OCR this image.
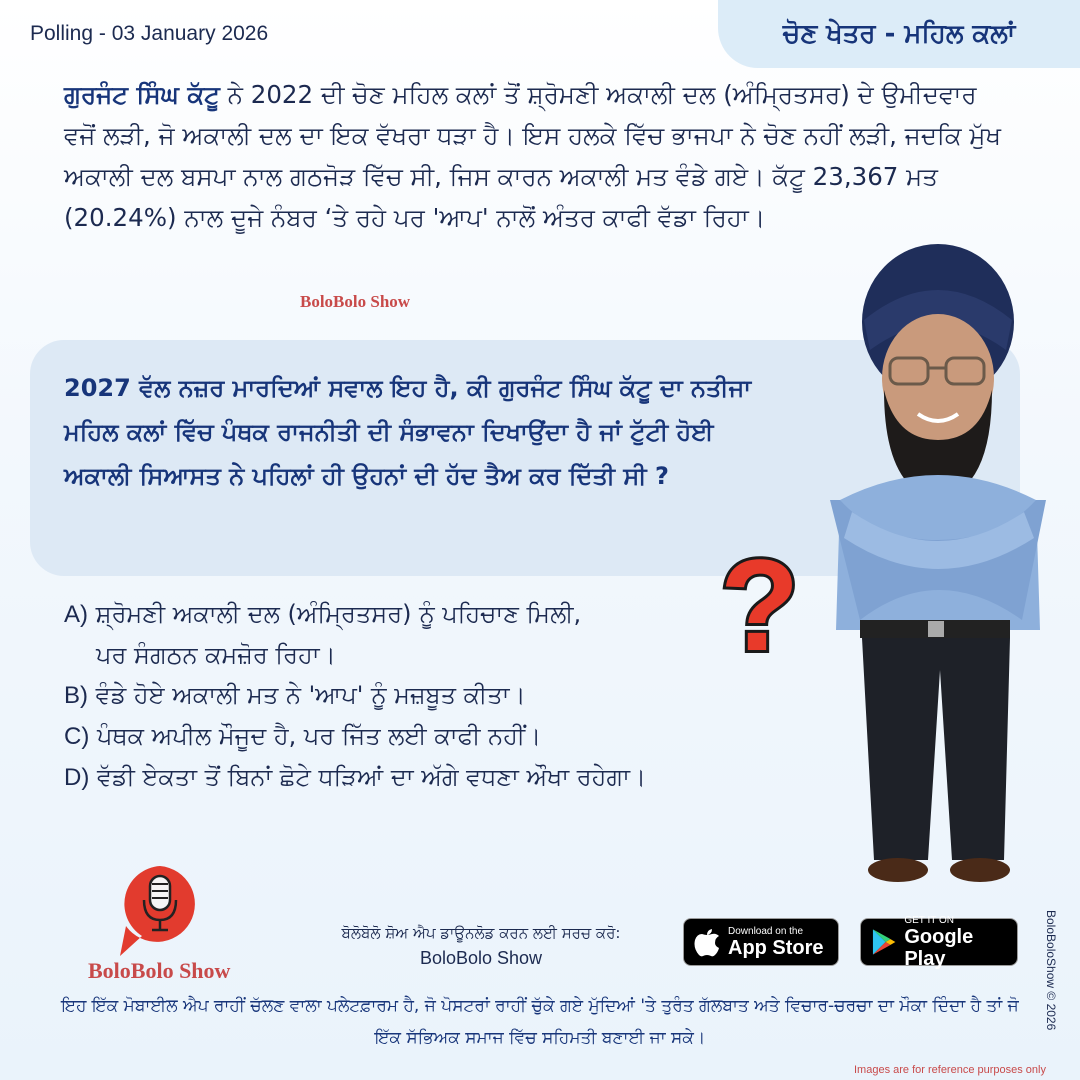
Polling - 03 January 2026	ਚੋਣ ਖੇਤਰ - ਮਹਿਲ ਕਲਾਂ
ਗੁਰਜੰਟ ਸਿੰਘ ਕੱਟੂ ਨੇ 2022 ਦੀ ਚੋਣ ਮਹਿਲ ਕਲਾਂ ਤੋਂ ਸ਼੍ਰੋਮਣੀ ਅਕਾਲੀ ਦਲ (ਅੰਮ੍ਰਿਤਸਰ) ਦੇ ਉਮੀਦਵਾਰ ਵਜੋਂ ਲੜੀ, ਜੋ ਅਕਾਲੀ ਦਲ ਦਾ ਇਕ ਵੱਖਰਾ ਧੜਾ ਹੈ। ਇਸ ਹਲਕੇ ਵਿੱਚ ਭਾਜਪਾ ਨੇ ਚੋਣ ਨਹੀਂ ਲੜੀ, ਜਦਕਿ ਮੁੱਖ ਅਕਾਲੀ ਦਲ ਬਸਪਾ ਨਾਲ ਗਠਜੋੜ ਵਿੱਚ ਸੀ, ਜਿਸ ਕਾਰਨ ਅਕਾਲੀ ਮਤ ਵੰਡੇ ਗਏ। ਕੱਟੂ 23,367 ਮਤ (20.24%) ਨਾਲ ਦੂਜੇ ਨੰਬਰ ‘ਤੇ ਰਹੇ ਪਰ 'ਆਪ' ਨਾਲੋਂ ਅੰਤਰ ਕਾਫੀ ਵੱਡਾ ਰਿਹਾ।
BoloBolo Show
2027 ਵੱਲ ਨਜ਼ਰ ਮਾਰਦਿਆਂ ਸਵਾਲ ਇਹ ਹੈ, ਕੀ ਗੁਰਜੰਟ ਸਿੰਘ ਕੱਟੂ ਦਾ ਨਤੀਜਾ ਮਹਿਲ ਕਲਾਂ ਵਿੱਚ ਪੰਥਕ ਰਾਜਨੀਤੀ ਦੀ ਸੰਭਾਵਨਾ ਦਿਖਾਉਂਦਾ ਹੈ ਜਾਂ ਟੁੱਟੀ ਹੋਈ ਅਕਾਲੀ ਸਿਆਸਤ ਨੇ ਪਹਿਲਾਂ ਹੀ ਉਹਨਾਂ ਦੀ ਹੱਦ ਤੈਅ ਕਰ ਦਿੱਤੀ ਸੀ ?

A) ਸ਼੍ਰੋਮਣੀ ਅਕਾਲੀ ਦਲ (ਅੰਮ੍ਰਿਤਸਰ) ਨੂੰ ਪਹਿਚਾਣ ਮਿਲੀ,

ਪਰ ਸੰਗਠਨ ਕਮਜ਼ੋਰ ਰਿਹਾ।

B) ਵੰਡੇ ਹੋਏ ਅਕਾਲੀ ਮਤ ਨੇ 'ਆਪ' ਨੂੰ ਮਜ਼ਬੂਤ ਕੀਤਾ।

C) ਪੰਥਕ ਅਪੀਲ ਮੌਜੂਦ ਹੈ, ਪਰ ਜਿੱਤ ਲਈ ਕਾਫੀ ਨਹੀਂ।

D) ਵੱਡੀ ਏਕਤਾ ਤੋਂ ਬਿਨਾਂ ਛੋਟੇ ਧੜਿਆਂ ਦਾ ਅੱਗੇ ਵਧਣਾ ਔਖਾ ਰਹੇਗਾ।

?
BoloBolo Show
ਬੋਲੋਬੋਲੋ ਸ਼ੋਅ ਐਪ ਡਾਊਨਲੋਡ ਕਰਨ ਲਈ ਸਰਚ ਕਰੋ:
BoloBolo Show
Download on the
App Store
GET IT ON
Google Play
ਇਹ ਇੱਕ ਮੋਬਾਈਲ ਐਪ ਰਾਹੀਂ ਚੱਲਣ ਵਾਲਾ ਪਲੇਟਫ਼ਾਰਮ ਹੈ, ਜੋ ਪੋਸਟਰਾਂ ਰਾਹੀਂ ਚੁੱਕੇ ਗਏ ਮੁੱਦਿਆਂ 'ਤੇ ਤੁਰੰਤ ਗੱਲਬਾਤ ਅਤੇ ਵਿਚਾਰ-ਚਰਚਾ ਦਾ ਮੌਕਾ ਦਿੰਦਾ ਹੈ ਤਾਂ ਜੋ ਇੱਕ ਸੱਭਿਅਕ ਸਮਾਜ ਵਿੱਚ ਸਹਿਮਤੀ ਬਣਾਈ ਜਾ ਸਕੇ।
BoloBoloShow © 2026
Images are for reference purposes only
